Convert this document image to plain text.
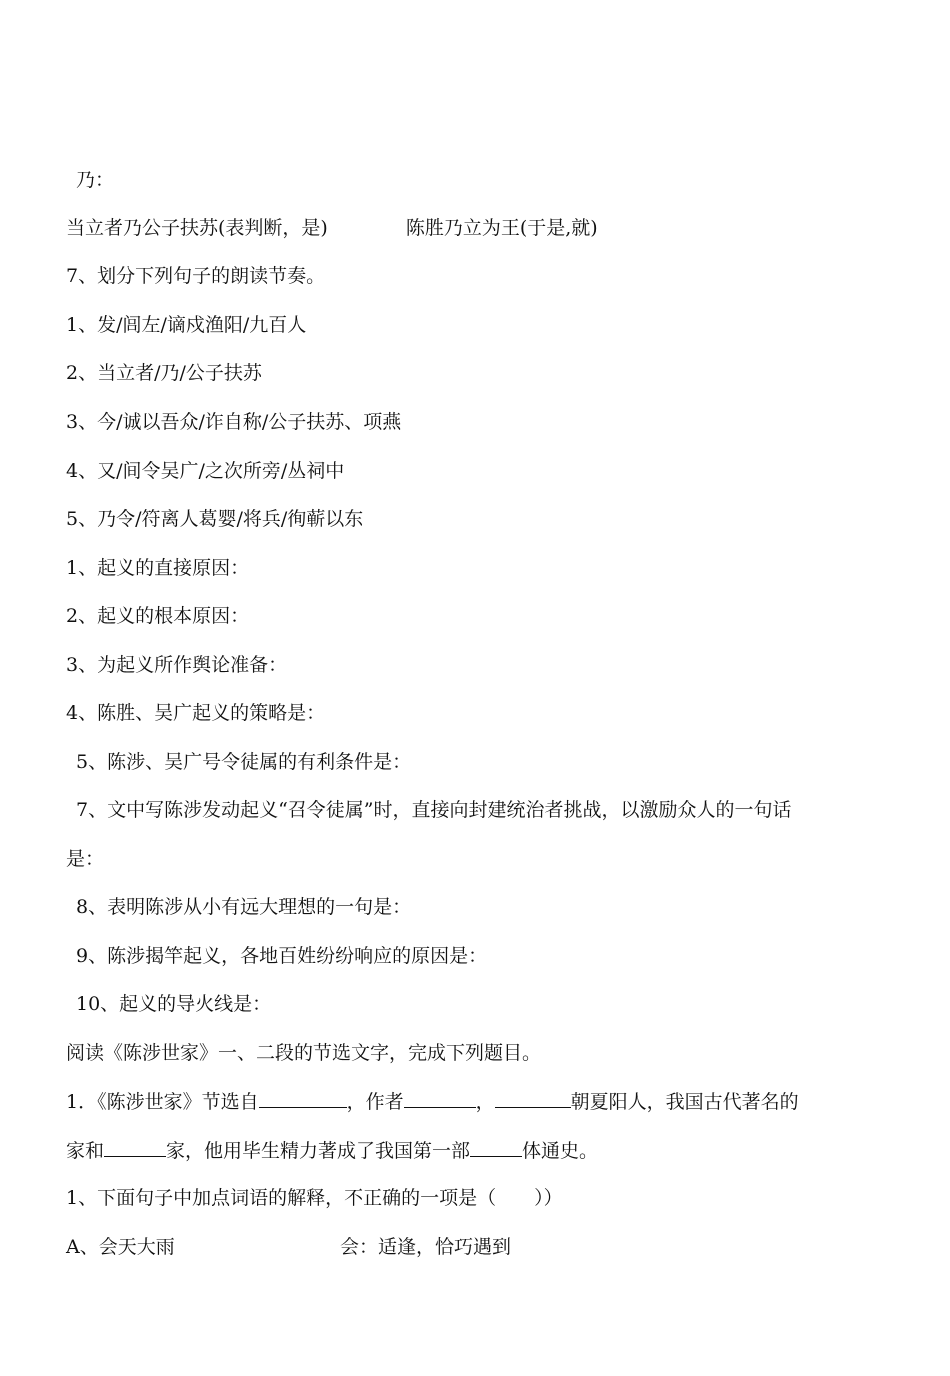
乃：
当立者乃公子扶苏(表判断，是)	陈胜乃立为王(于是,就)
7、划分下列句子的朗读节奏。
1、发/闾左/谪戍渔阳/九百人
2、当立者/乃/公子扶苏
3、今/诚以吾众/诈自称/公子扶苏、项燕
4、又/间令吴广/之次所旁/丛祠中
5、乃令/符离人葛婴/将兵/徇蕲以东
1、起义的直接原因：
2、起义的根本原因：
3、为起义所作舆论准备：
4、陈胜、吴广起义的策略是：
5、陈涉、吴广号令徒属的有利条件是：
7、文中写陈涉发动起义“召令徒属”时，直接向封建统治者挑战，以激励众人的一句话
是：
8、表明陈涉从小有远大理想的一句是：
9、陈涉揭竿起义，各地百姓纷纷响应的原因是：
10、起义的导火线是：
阅读《陈涉世家》一、二段的节选文字，完成下列题目。
1．《陈涉世家》节选自	，作者	，	朝夏阳人，我国古代著名的
家和	家，他用毕生精力著成了我国第一部	体通史。
1、下面句子中加点词语的解释，不正确的一项是（　　））
A、会天大雨	会：适逢，恰巧遇到
